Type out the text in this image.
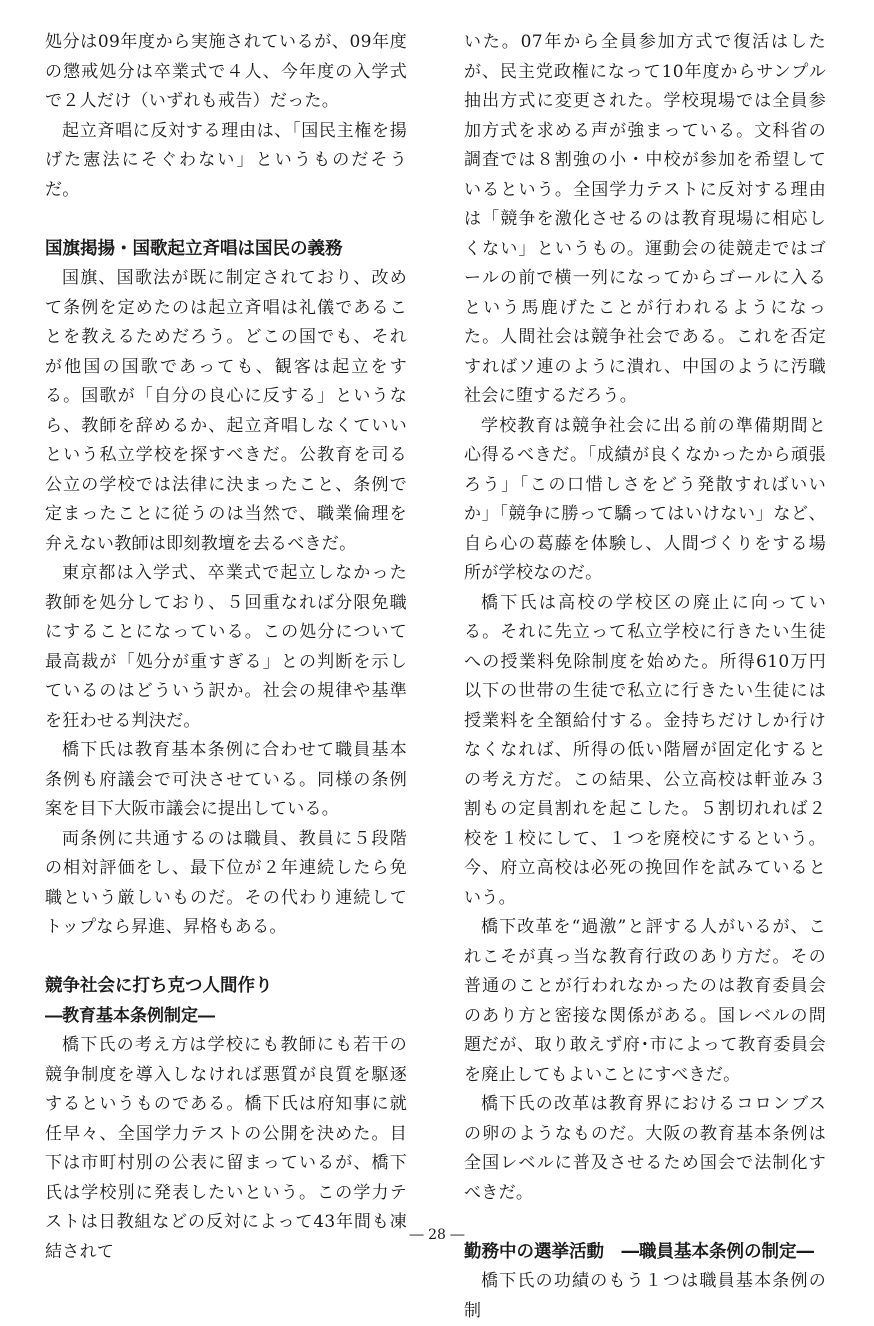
処分は09年度から実施されているが、09年度の懲戒処分は卒業式で４人、今年度の入学式で２人だけ（いずれも戒告）だった。

起立斉唱に反対する理由は、「国民主権を揚げた憲法にそぐわない」というものだそうだ。

国旗掲揚・国歌起立斉唱は国民の義務

国旗、国歌法が既に制定されており、改めて条例を定めたのは起立斉唱は礼儀であることを教えるためだろう。どこの国でも、それが他国の国歌であっても、観客は起立をする。国歌が「自分の良心に反する」というなら、教師を辞めるか、起立斉唱しなくていいという私立学校を探すべきだ。公教育を司る公立の学校では法律に決まったこと、条例で定まったことに従うのは当然で、職業倫理を弁えない教師は即刻教壇を去るべきだ。

東京都は入学式、卒業式で起立しなかった教師を処分しており、５回重なれば分限免職にすることになっている。この処分について最高裁が「処分が重すぎる」との判断を示しているのはどういう訳か。社会の規律や基準を狂わせる判決だ。

橋下氏は教育基本条例に合わせて職員基本条例も府議会で可決させている。同様の条例案を目下大阪市議会に提出している。

両条例に共通するのは職員、教員に５段階の相対評価をし、最下位が２年連続したら免職という厳しいものだ。その代わり連続してトップなら昇進、昇格もある。

競争社会に打ち克つ人間作り

―教育基本条例制定―

橋下氏の考え方は学校にも教師にも若干の競争制度を導入しなければ悪質が良質を駆逐するというものである。橋下氏は府知事に就任早々、全国学力テストの公開を決めた。目下は市町村別の公表に留まっているが、橋下氏は学校別に発表したいという。この学力テストは日教組などの反対によって43年間も凍結されて

いた。07年から全員参加方式で復活はしたが、民主党政権になって10年度からサンプル抽出方式に変更された。学校現場では全員参加方式を求める声が強まっている。文科省の調査では８割強の小・中校が参加を希望しているという。全国学力テストに反対する理由は「競争を激化させるのは教育現場に相応しくない」というもの。運動会の徒競走ではゴールの前で横一列になってからゴールに入るという馬鹿げたことが行われるようになった。人間社会は競争社会である。これを否定すればソ連のように潰れ、中国のように汚職社会に堕するだろう。

学校教育は競争社会に出る前の準備期間と心得るべきだ。「成績が良くなかったから頑張ろう」「この口惜しさをどう発散すればいいか」「競争に勝って驕ってはいけない」など、自ら心の葛藤を体験し、人間づくりをする場所が学校なのだ。

橋下氏は高校の学校区の廃止に向っている。それに先立って私立学校に行きたい生徒への授業料免除制度を始めた。所得610万円以下の世帯の生徒で私立に行きたい生徒には授業料を全額給付する。金持ちだけしか行けなくなれば、所得の低い階層が固定化するとの考え方だ。この結果、公立高校は軒並み３割もの定員割れを起こした。５割切れれば２校を１校にして、１つを廃校にするという。今、府立高校は必死の挽回作を試みているという。

橋下改革を“過激”と評する人がいるが、これこそが真っ当な教育行政のあり方だ。その普通のことが行われなかったのは教育委員会のあり方と密接な関係がある。国レベルの問題だが、取り敢えず府･市によって教育委員会を廃止してもよいことにすべきだ。

橋下氏の改革は教育界におけるコロンブスの卵のようなものだ。大阪の教育基本条例は全国レベルに普及させるため国会で法制化すべきだ。

勤務中の選挙活動　―職員基本条例の制定―

橋下氏の功績のもう１つは職員基本条例の制

― 28 ―
